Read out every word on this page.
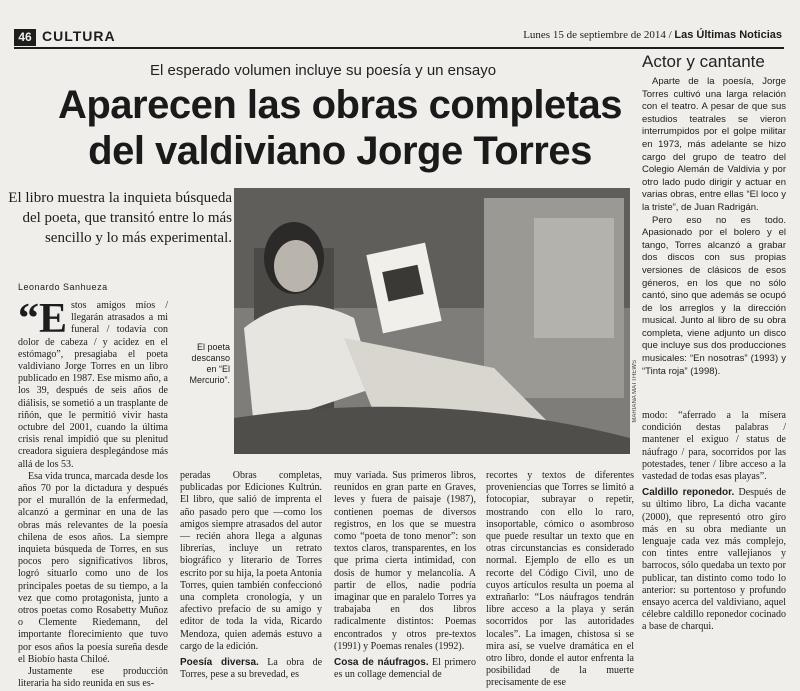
46 CULTURA	Lunes 15 de septiembre de 2014 / Las Últimas Noticias
El esperado volumen incluye su poesía y un ensayo
Aparecen las obras completas
del valdiviano Jorge Torres
El libro muestra la inquieta búsqueda del poeta, que transitó entre lo más sencillo y lo más experimental.
Leonardo Sanhueza

“E stos amigos míos / llegarán atrasados a mi funeral / todavía con dolor de cabeza / y acidez en el estómago”, presagiaba el poeta valdiviano Jorge Torres en un libro publicado en 1987. Ese mismo año, a los 39, después de seis años de diálisis, se sometió a un trasplante de riñón, que le permitió vivir hasta octubre del 2001, cuando la última crisis renal impidió que su plenitud creadora siguiera desplegándose más allá de los 53.

Esa vida trunca, marcada desde los años 70 por la dictadura y después por el murallón de la enfermedad, alcanzó a germinar en una de las obras más relevantes de la poesía chilena de esos años. La siempre inquieta búsqueda de Torres, en sus pocos pero significativos libros, logró situarlo como uno de los principales poetas de su tiempo, a la vez que como protagonista, junto a otros poetas como Rosabetty Muñoz o Clemente Riedemann, del importante florecimiento que tuvo por esos años la poesía sureña desde el Biobío hasta Chiloé.

Justamente ese producción literaria ha sido reunida en sus es-

El poeta descanso en “El Mercurio”.	MARIANA MATTHEWS

peradas Obras completas, publicadas por Ediciones Kultrún. El libro, que salió de imprenta el año pasado pero que —como los amigos siempre atrasados del autor— recién ahora llega a algunas librerías, incluye un retrato biográfico y literario de Torres escrito por su hija, la poeta Antonia Torres, quien también confeccionó una completa cronología, y un afectivo prefacio de su amigo y editor de toda la vida, Ricardo Mendoza, quien además estuvo a cargo de la edición.

Poesía diversa. La obra de Torres, pese a su brevedad, es

muy variada. Sus primeros libros, reunidos en gran parte en Graves, leves y fuera de paisaje (1987), contienen poemas de diversos registros, en los que se muestra como “poeta de tono menor”: son textos claros, transparentes, en los que prima cierta intimidad, con dosis de humor y melancolía. A partir de ellos, nadie podría imaginar que en paralelo Torres ya trabajaba en dos libros radicalmente distintos: Poemas encontrados y otros pre-textos (1991) y Poemas renales (1992).

Cosa de náufragos. El primero es un collage demencial de

recortes y textos de diferentes proveniencias que Torres se limitó a fotocopiar, subrayar o repetir, mostrando con ello lo raro, insoportable, cómico o asombroso que puede resultar un texto que en otras circunstancias es considerado normal. Ejemplo de ello es un recorte del Código Civil, uno de cuyos artículos resulta un poema al extrañarlo: “Los náufragos tendrán libre acceso a la playa y serán socorridos por las autoridades locales”. La imagen, chistosa si se mira así, se vuelve dramática en el otro libro, donde el autor enfrenta la posibilidad de la muerte precisamente de ese

Actor y cantante

Aparte de la poesía, Jorge Torres cultivó una larga relación con el teatro. A pesar de que sus estudios teatrales se vieron interrumpidos por el golpe militar en 1973, más adelante se hizo cargo del grupo de teatro del Colegio Alemán de Valdivia y por otro lado pudo dirigir y actuar en varias obras, entre ellas “El loco y la triste”, de Juan Radrigán.

Pero eso no es todo. Apasionado por el bolero y el tango, Torres alcanzó a grabar dos discos con sus propias versiones de clásicos de esos géneros, en los que no sólo cantó, sino que además se ocupó de los arreglos y la dirección musical. Junto al libro de su obra completa, viene adjunto un disco que incluye sus dos producciones musicales: “En nosotras” (1993) y “Tinta roja” (1998).

modo: “aferrado a la mísera condición destas palabras / mantener el exiguo / status de náufrago / para, socorridos por las potestades, tener / libre acceso a la vastedad de todas esas playas”.

Caldillo reponedor. Después de su último libro, La dicha vacante (2000), que representó otro giro más en su obra mediante un lenguaje cada vez más complejo, con tintes entre vallejianos y barrocos, sólo quedaba un texto por publicar, tan distinto como todo lo anterior: su portentoso y profundo ensayo acerca del valdiviano, aquel célebre caldillo reponedor cocinado a base de charqui.
